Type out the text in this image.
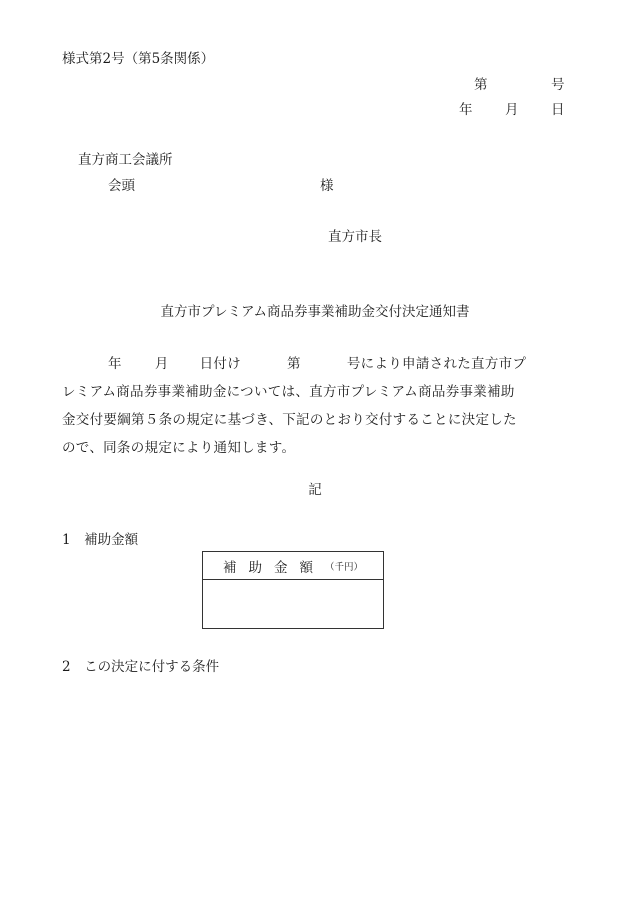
様式第2号（第5条関係）
第	号
年 月 日
直方商工会議所
会頭	様
直方市長
直方市プレミアム商品券事業補助金交付決定通知書
年 月 日付け	第	号により申請された直方市プ
レミアム商品券事業補助金については、直方市プレミアム商品券事業補助
金交付要綱第５条の規定に基づき、下記のとおり交付することに決定した
ので、同条の規定により通知します。
記
1　補助金額
補助金額 （千円）
2　この決定に付する条件
